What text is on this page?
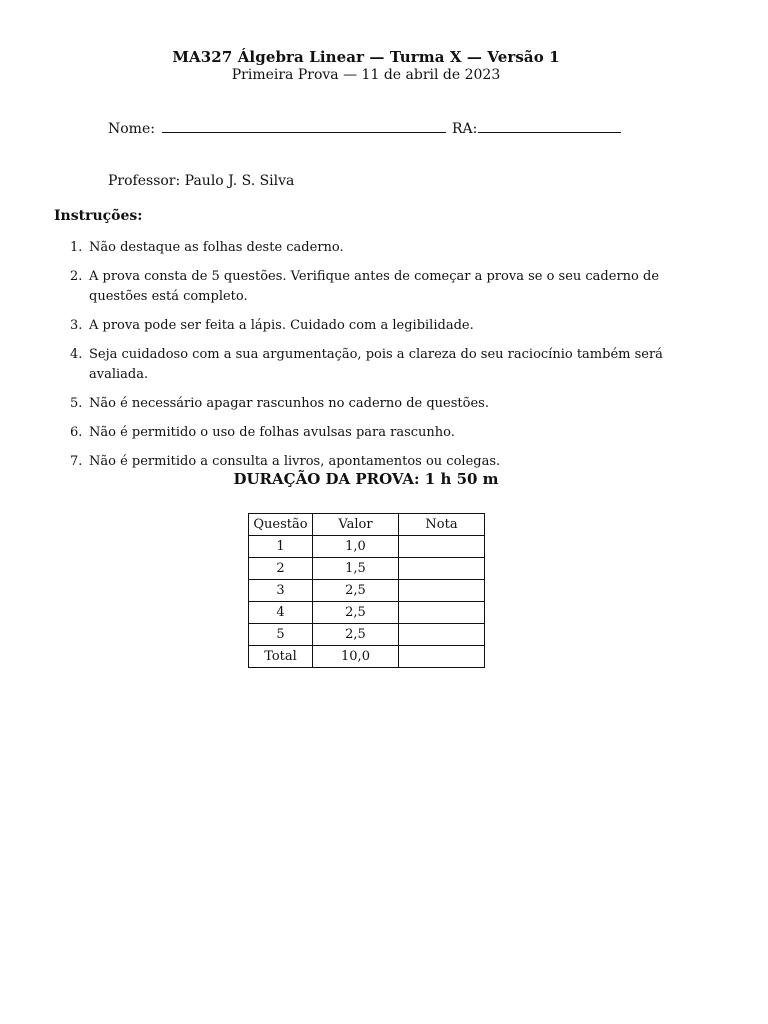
MA327 Álgebra Linear — Turma X — Versão 1
Primeira Prova — 11 de abril de 2023
Nome:	RA:
Professor: Paulo J. S. Silva
Instruções:
1. Não destaque as folhas deste caderno.
2. A prova consta de 5 questões. Verifique antes de começar a prova se o seu caderno de questões está completo.
3. A prova pode ser feita a lápis. Cuidado com a legibilidade.
4. Seja cuidadoso com a sua argumentação, pois a clareza do seu raciocínio também será avaliada.
5. Não é necessário apagar rascunhos no caderno de questões.
6. Não é permitido o uso de folhas avulsas para rascunho.
7. Não é permitido a consulta a livros, apontamentos ou colegas.
DURAÇÃO DA PROVA: 1 h 50 m
Questão	Valor	Nota
1	1,0	
2	1,5	
3	2,5	
4	2,5	
5	2,5	
Total	10,0	
